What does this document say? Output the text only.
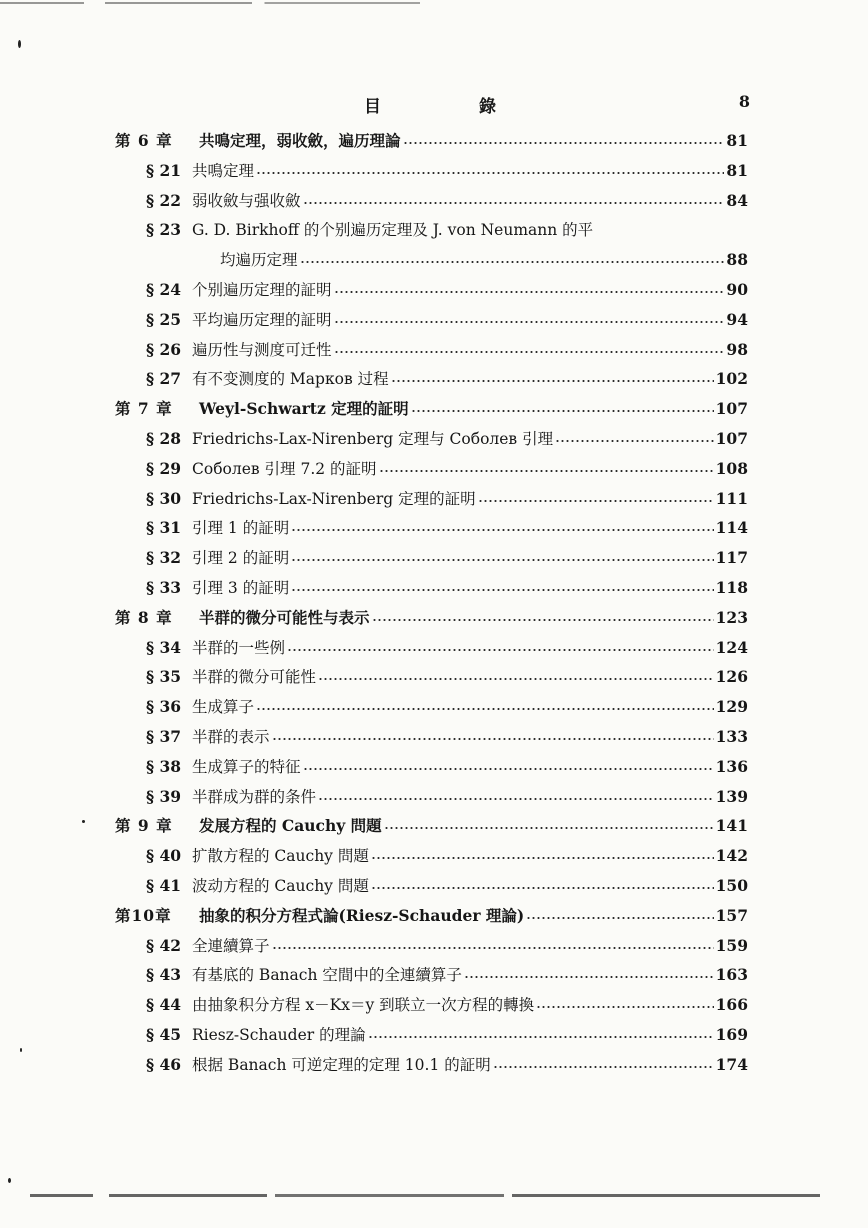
目 錄	8
第 6 章	共鳴定理，弱收斂，遍历理論	81
§ 21 共鳴定理	81
§ 22 弱收斂与强收斂	84
§ 23 G. D. Birkhoff 的个别遍历定理及 J. von Neumann 的平
均遍历定理	88
§ 24 个别遍历定理的証明	90
§ 25 平均遍历定理的証明	94
§ 26 遍历性与测度可迁性	98
§ 27 有不变测度的 Марков 过程	102
第 7 章	Weyl-Schwartz 定理的証明	107
§ 28 Friedrichs-Lax-Nirenberg 定理与 Соболев 引理	107
§ 29 Соболев 引理 7.2 的証明	108
§ 30 Friedrichs-Lax-Nirenberg 定理的証明	111
§ 31 引理 1 的証明	114
§ 32 引理 2 的証明	117
§ 33 引理 3 的証明	118
第 8 章	半群的微分可能性与表示	123
§ 34 半群的一些例	124
§ 35 半群的微分可能性	126
§ 36 生成算子	129
§ 37 半群的表示	133
§ 38 生成算子的特征	136
§ 39 半群成为群的条件	139
第 9 章	发展方程的 Cauchy 問題	141
§ 40 扩散方程的 Cauchy 問題	142
§ 41 波动方程的 Cauchy 問題	150
第10章	抽象的积分方程式論(Riesz-Schauder 理論)	157
§ 42 全連續算子	159
§ 43 有基底的 Banach 空間中的全連續算子	163
§ 44 由抽象积分方程 x－Kx＝y 到联立一次方程的轉換	166
§ 45 Riesz-Schauder 的理論	169
§ 46 根据 Banach 可逆定理的定理 10.1 的証明	174
